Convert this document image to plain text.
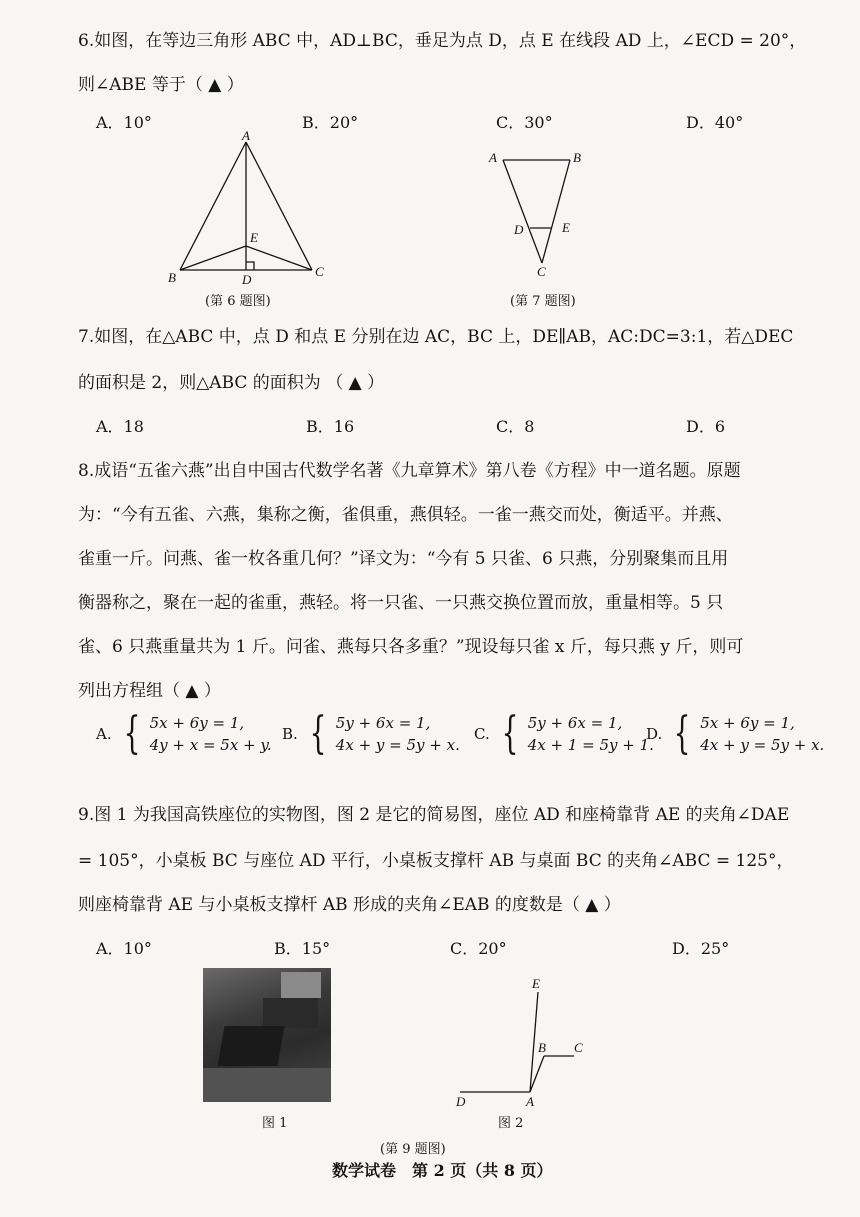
6.如图，在等边三角形 ABC 中，AD⊥BC，垂足为点 D，点 E 在线段 AD 上，∠ECD = 20°，
则∠ABE 等于（ ▲ ）
A．10°	B．20°	C．30°	D．40°
A
B	C
D
E
(第 6 题图)
A	B
C
D	E
(第 7 题图)
7.如图，在△ABC 中，点 D 和点 E 分别在边 AC，BC 上，DE∥AB，AC:DC=3:1，若△DEC
的面积是 2，则△ABC 的面积为 （ ▲ ）
A．18	B．16	C．8	D．6
8.成语“五雀六燕”出自中国古代数学名著《九章算术》第八卷《方程》中一道名题。原题
为：“今有五雀、六燕，集称之衡，雀俱重，燕俱轻。一雀一燕交而处，衡适平。并燕、
雀重一斤。问燕、雀一枚各重几何？”译文为：“今有 5 只雀、6 只燕，分别聚集而且用
衡器称之，聚在一起的雀重，燕轻。将一只雀、一只燕交换位置而放，重量相等。5 只
雀、6 只燕重量共为 1 斤。问雀、燕每只各多重？”现设每只雀 x 斤，每只燕 y 斤，则可
列出方程组（ ▲ ）
A. { 5x + 6y = 1,
4y + x = 5x + y.
B. { 5y + 6x = 1,
4x + y = 5y + x.
C. { 5y + 6x = 1,
4x + 1 = 5y + 1.
D. { 5x + 6y = 1,
4x + y = 5y + x.
9.图 1 为我国高铁座位的实物图，图 2 是它的简易图，座位 AD 和座椅靠背 AE 的夹角∠DAE
= 105°，小桌板 BC 与座位 AD 平行，小桌板支撑杆 AB 与桌面 BC 的夹角∠ABC = 125°，
则座椅靠背 AE 与小桌板支撑杆 AB 形成的夹角∠EAB 的度数是（ ▲ ）
A．10°	B．15°	C．20°	D．25°
图 1
E
B C
D	A
图 2
(第 9 题图)
数学试卷　第 2 页（共 8 页）
